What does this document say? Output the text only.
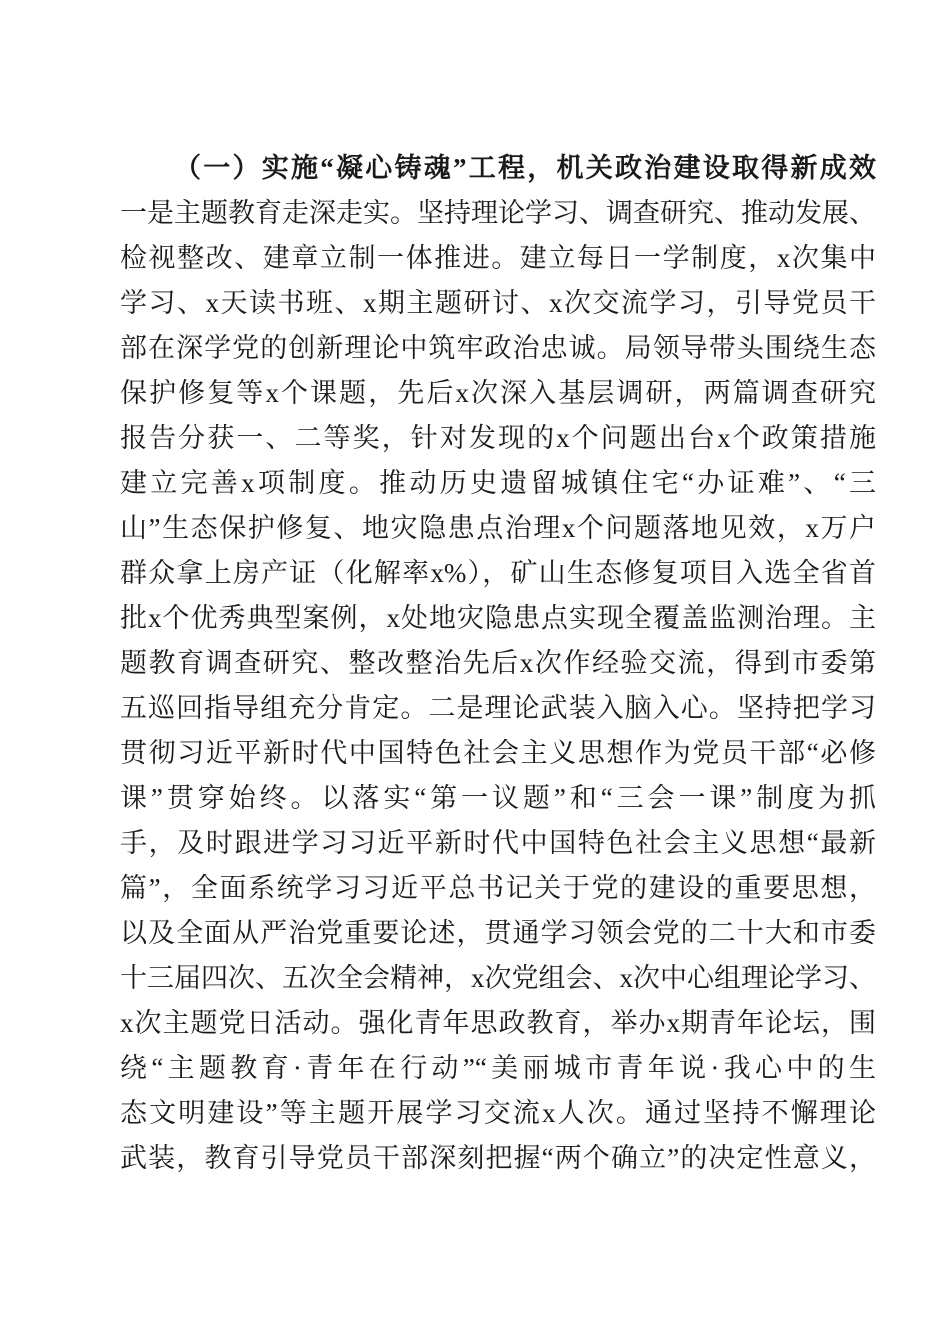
（一）实施“凝心铸魂”工程，机关政治建设取得新成效
一是主题教育走深走实。坚持理论学习、调查研究、推动发展、
检视整改、建章立制一体推进。建立每日一学制度，x次集中
学习、x天读书班、x期主题研讨、x次交流学习，引导党员干
部在深学党的创新理论中筑牢政治忠诚。局领导带头围绕生态
保护修复等x个课题，先后x次深入基层调研，两篇调查研究
报告分获一、二等奖，针对发现的x个问题出台x个政策措施
建立完善x项制度。推动历史遗留城镇住宅“办证难”、“三
山”生态保护修复、地灾隐患点治理x个问题落地见效，x万户
群众拿上房产证（化解率x%），矿山生态修复项目入选全省首
批x个优秀典型案例，x处地灾隐患点实现全覆盖监测治理。主
题教育调查研究、整改整治先后x次作经验交流，得到市委第
五巡回指导组充分肯定。二是理论武装入脑入心。坚持把学习
贯彻习近平新时代中国特色社会主义思想作为党员干部“必修
课”贯穿始终。以落实“第一议题”和“三会一课”制度为抓
手，及时跟进学习习近平新时代中国特色社会主义思想“最新
篇”，全面系统学习习近平总书记关于党的建设的重要思想，
以及全面从严治党重要论述，贯通学习领会党的二十大和市委
十三届四次、五次全会精神，x次党组会、x次中心组理论学习、
x次主题党日活动。强化青年思政教育，举办x期青年论坛，围
绕“主题教育·青年在行动”“美丽城市青年说·我心中的生
态文明建设”等主题开展学习交流x人次。通过坚持不懈理论
武装，教育引导党员干部深刻把握“两个确立”的决定性意义，
